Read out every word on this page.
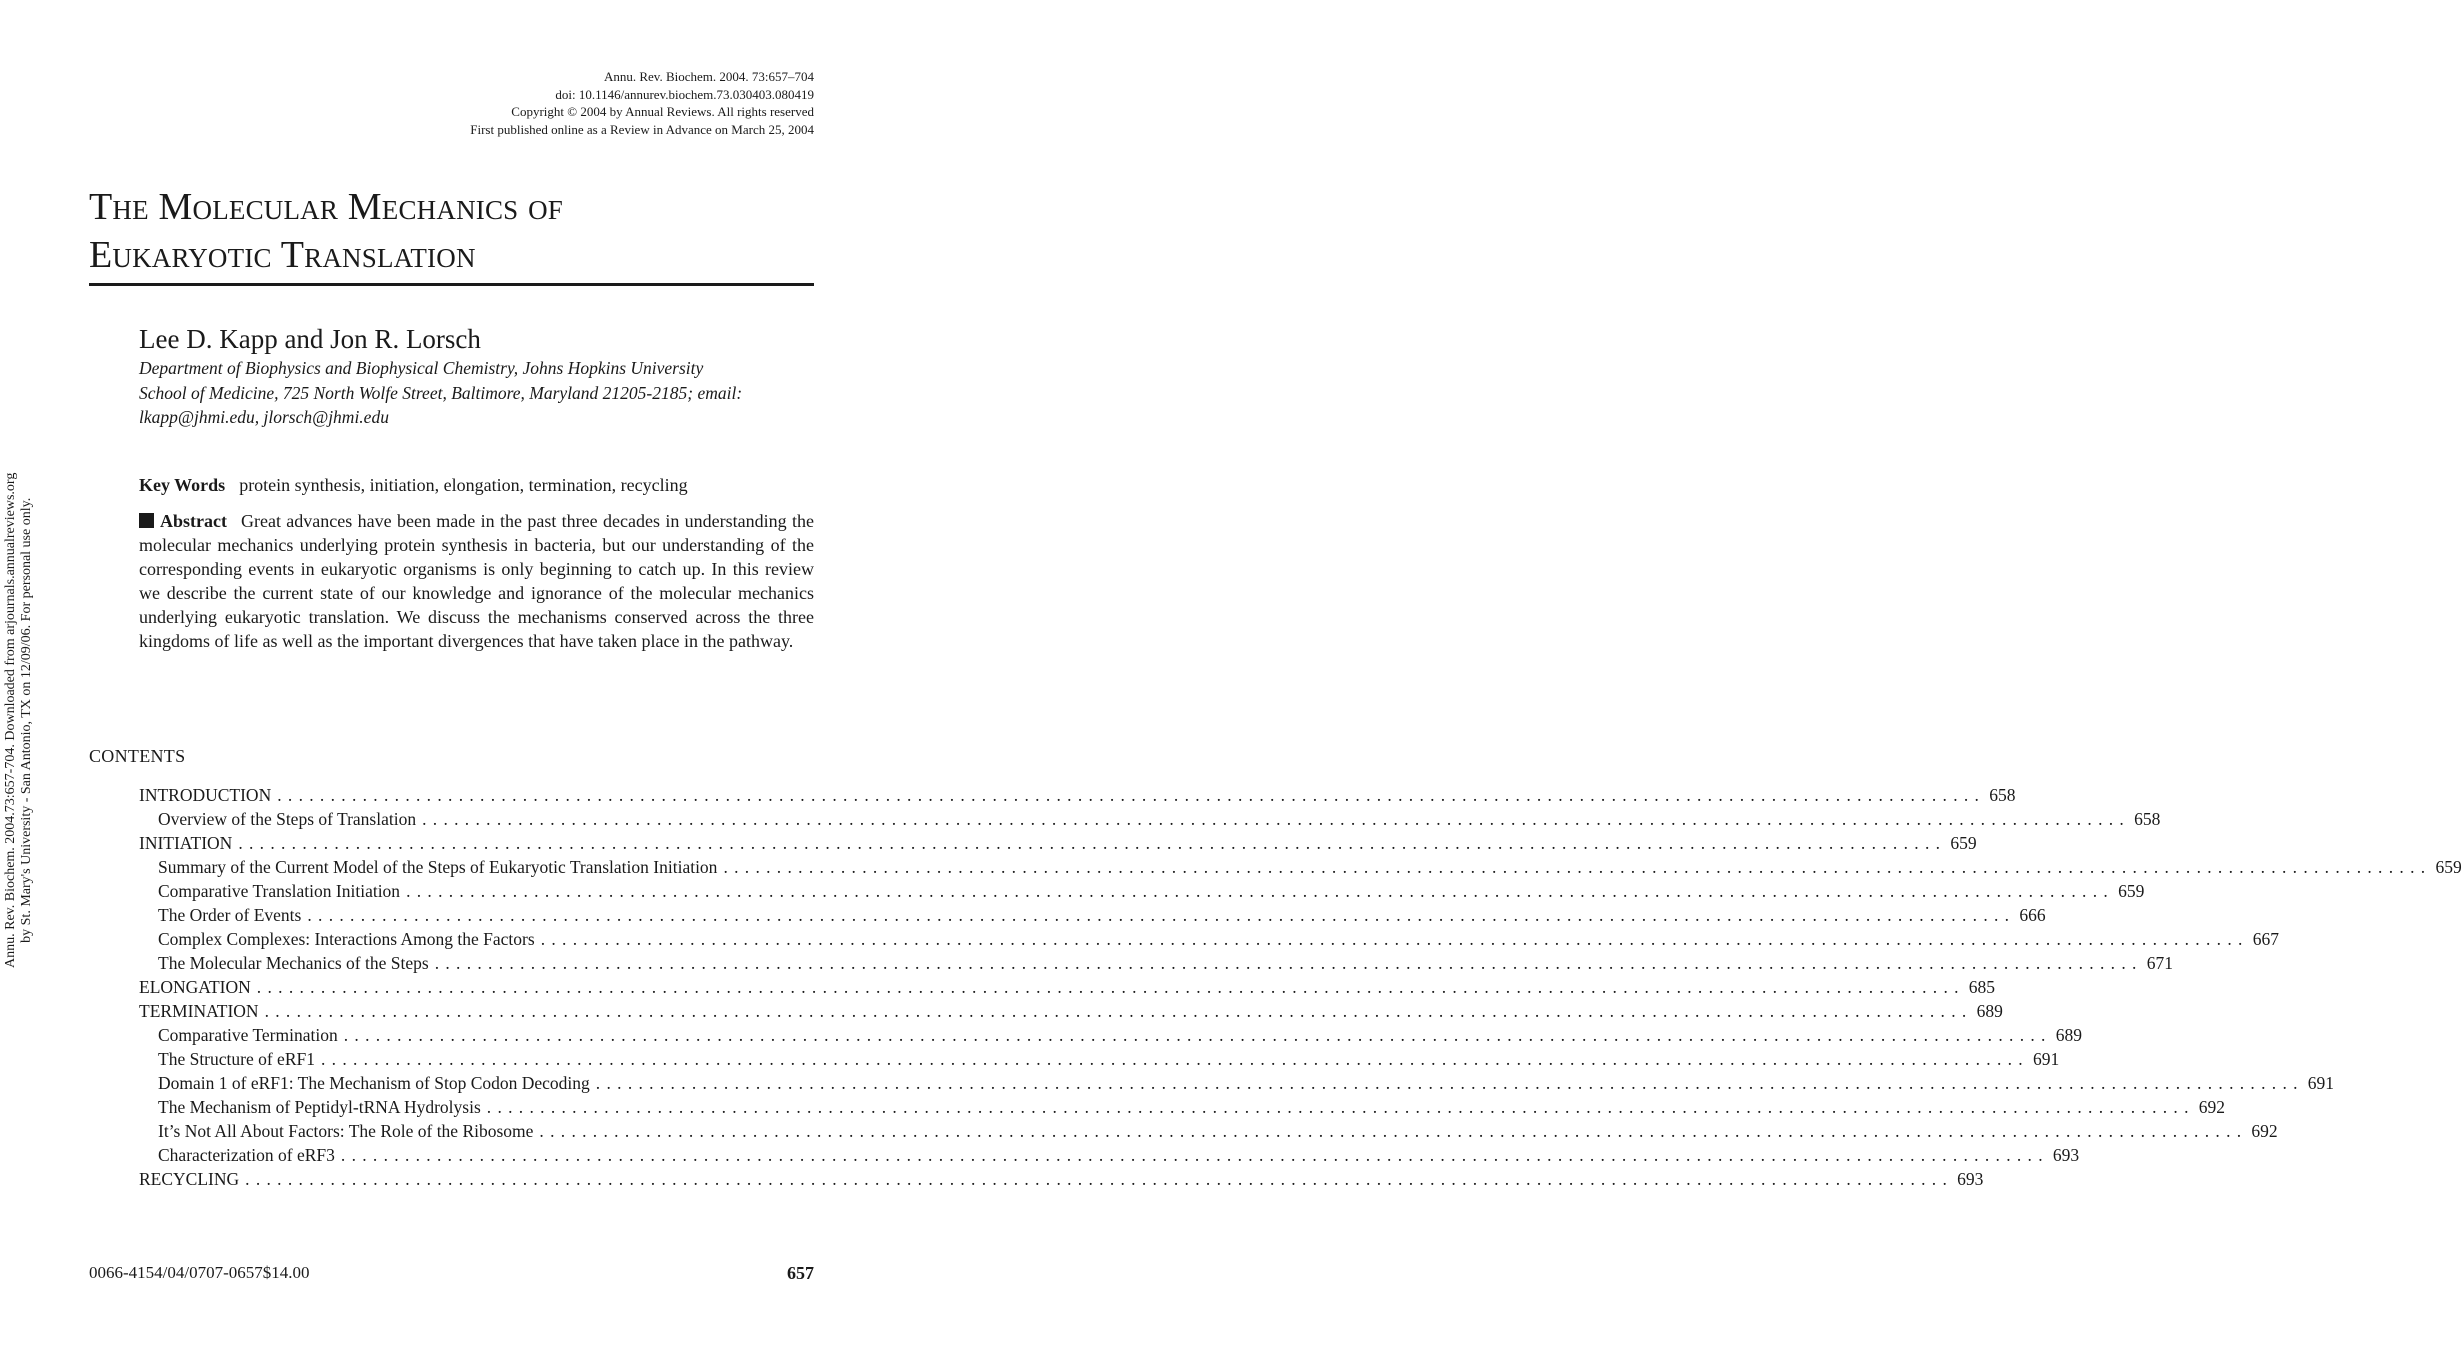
Annu. Rev. Biochem. 2004. 73:657–704
doi: 10.1146/annurev.biochem.73.030403.080419
Copyright © 2004 by Annual Reviews. All rights reserved
First published online as a Review in Advance on March 25, 2004
The Molecular Mechanics of
Eukaryotic Translation
Lee D. Kapp and Jon R. Lorsch
Department of Biophysics and Biophysical Chemistry, Johns Hopkins University
School of Medicine, 725 North Wolfe Street, Baltimore, Maryland 21205-2185; email:
lkapp@jhmi.edu, jlorsch@jhmi.edu
Key Words protein synthesis, initiation, elongation, termination, recycling

Abstract Great advances have been made in the past three decades in understanding the molecular mechanics underlying protein synthesis in bacteria, but our understanding of the corresponding events in eukaryotic organisms is only beginning to catch up. In this review we describe the current state of our knowledge and ignorance of the molecular mechanics underlying eukaryotic translation. We discuss the mechanisms conserved across the three kingdoms of life as well as the important divergences that have taken place in the pathway.

CONTENTS
INTRODUCTION ................................................................................................................................................................ 658
Overview of the Steps of Translation ................................................................................................................................................................ 658
INITIATION ................................................................................................................................................................ 659
Summary of the Current Model of the Steps of Eukaryotic Translation Initiation ................................................................................................................................................................ 659
Comparative Translation Initiation ................................................................................................................................................................ 659
The Order of Events ................................................................................................................................................................ 666
Complex Complexes: Interactions Among the Factors ................................................................................................................................................................ 667
The Molecular Mechanics of the Steps ................................................................................................................................................................ 671
ELONGATION ................................................................................................................................................................ 685
TERMINATION ................................................................................................................................................................ 689
Comparative Termination ................................................................................................................................................................ 689
The Structure of eRF1 ................................................................................................................................................................ 691
Domain 1 of eRF1: The Mechanism of Stop Codon Decoding ................................................................................................................................................................ 691
The Mechanism of Peptidyl-tRNA Hydrolysis ................................................................................................................................................................ 692
It’s Not All About Factors: The Role of the Ribosome ................................................................................................................................................................ 692
Characterization of eRF3 ................................................................................................................................................................ 693
RECYCLING ................................................................................................................................................................ 693
0066-4154/04/0707-0657$14.00	657
Annu. Rev. Biochem. 2004.73:657-704. Downloaded from arjournals.annualreviews.org by St. Mary's University - San Antonio, TX on 12/09/06. For personal use only.
